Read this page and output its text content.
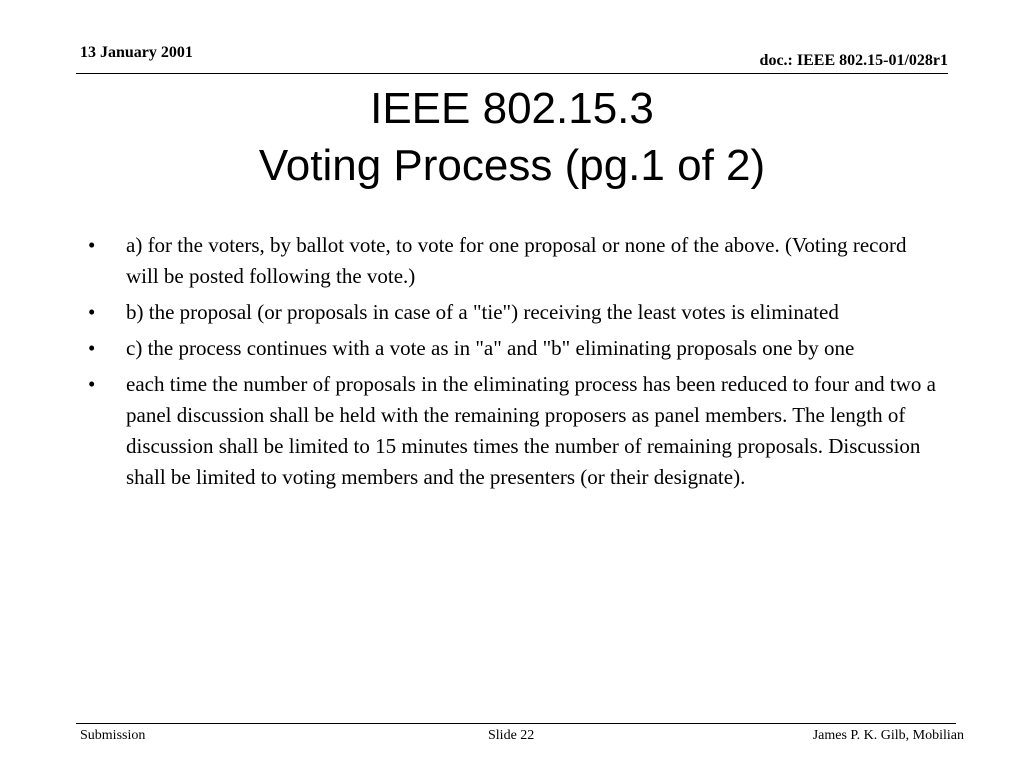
13 January 2001	doc.: IEEE 802.15-01/028r1
IEEE 802.15.3
Voting Process (pg.1 of 2)
• a) for the voters, by ballot vote, to vote for one proposal or none of the above. (Voting record will be posted following the vote.)
• b) the proposal (or proposals in case of a "tie") receiving the least votes is eliminated
• c) the process continues with a vote as in "a" and "b" eliminating proposals one by one
• each time the number of proposals in the eliminating process has been reduced to four and two a panel discussion shall be held with the remaining proposers as panel members. The length of discussion shall be limited to 15 minutes times the number of remaining proposals. Discussion shall be limited to voting members and the presenters (or their designate).
Submission	Slide 22	James P. K. Gilb, Mobilian
